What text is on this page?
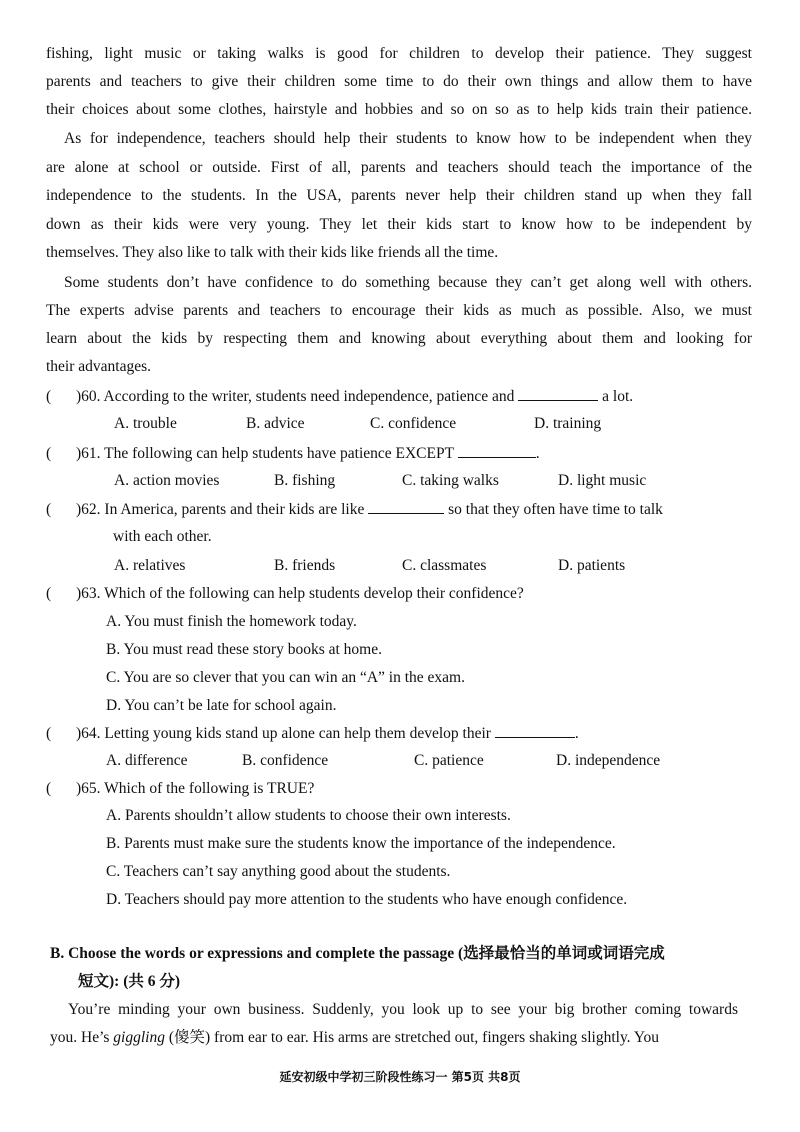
fishing, light music or taking walks is good for children to develop their patience. They suggest
parents and teachers to give their children some time to do their own things and allow them to have
their choices about some clothes, hairstyle and hobbies and so on so as to help kids train their patience.
As for independence, teachers should help their students to know how to be independent when they
are alone at school or outside. First of all, parents and teachers should teach the importance of the
independence to the students. In the USA, parents never help their children stand up when they fall
down as their kids were very young. They let their kids start to know how to be independent by
themselves. They also like to talk with their kids like friends all the time.
Some students don’t have confidence to do something because they can’t get along well with others.
The experts advise parents and teachers to encourage their kids as much as possible. Also, we must
learn about the kids by respecting them and knowing about everything about them and looking for
their advantages.
( )60. According to the writer, students need independence, patience and	a lot.
A. trouble	B. advice	C. confidence	D. training
( )61. The following can help students have patience EXCEPT	.
A. action movies	B. fishing	C. taking walks	D. light music
( )62. In America, parents and their kids are like	so that they often have time to talk
with each other.
A. relatives	B. friends	C. classmates	D. patients
( )63. Which of the following can help students develop their confidence?
A. You must finish the homework today.
B. You must read these story books at home.
C. You are so clever that you can win an “A” in the exam.
D. You can’t be late for school again.
( )64. Letting young kids stand up alone can help them develop their	.
A. difference	B. confidence	C. patience	D. independence
( )65. Which of the following is TRUE?
A. Parents shouldn’t allow students to choose their own interests.
B. Parents must make sure the students know the importance of the independence.
C. Teachers can’t say anything good about the students.
D. Teachers should pay more attention to the students who have enough confidence.
B. Choose the words or expressions and complete the passage (选择最恰当的单词或词语完成
短文): (共 6 分)
You’re minding your own business. Suddenly, you look up to see your big brother coming towards
you. He’s giggling (傻笑) from ear to ear. His arms are stretched out, fingers shaking slightly. You
延安初级中学初三阶段性练习一 第5页 共8页
